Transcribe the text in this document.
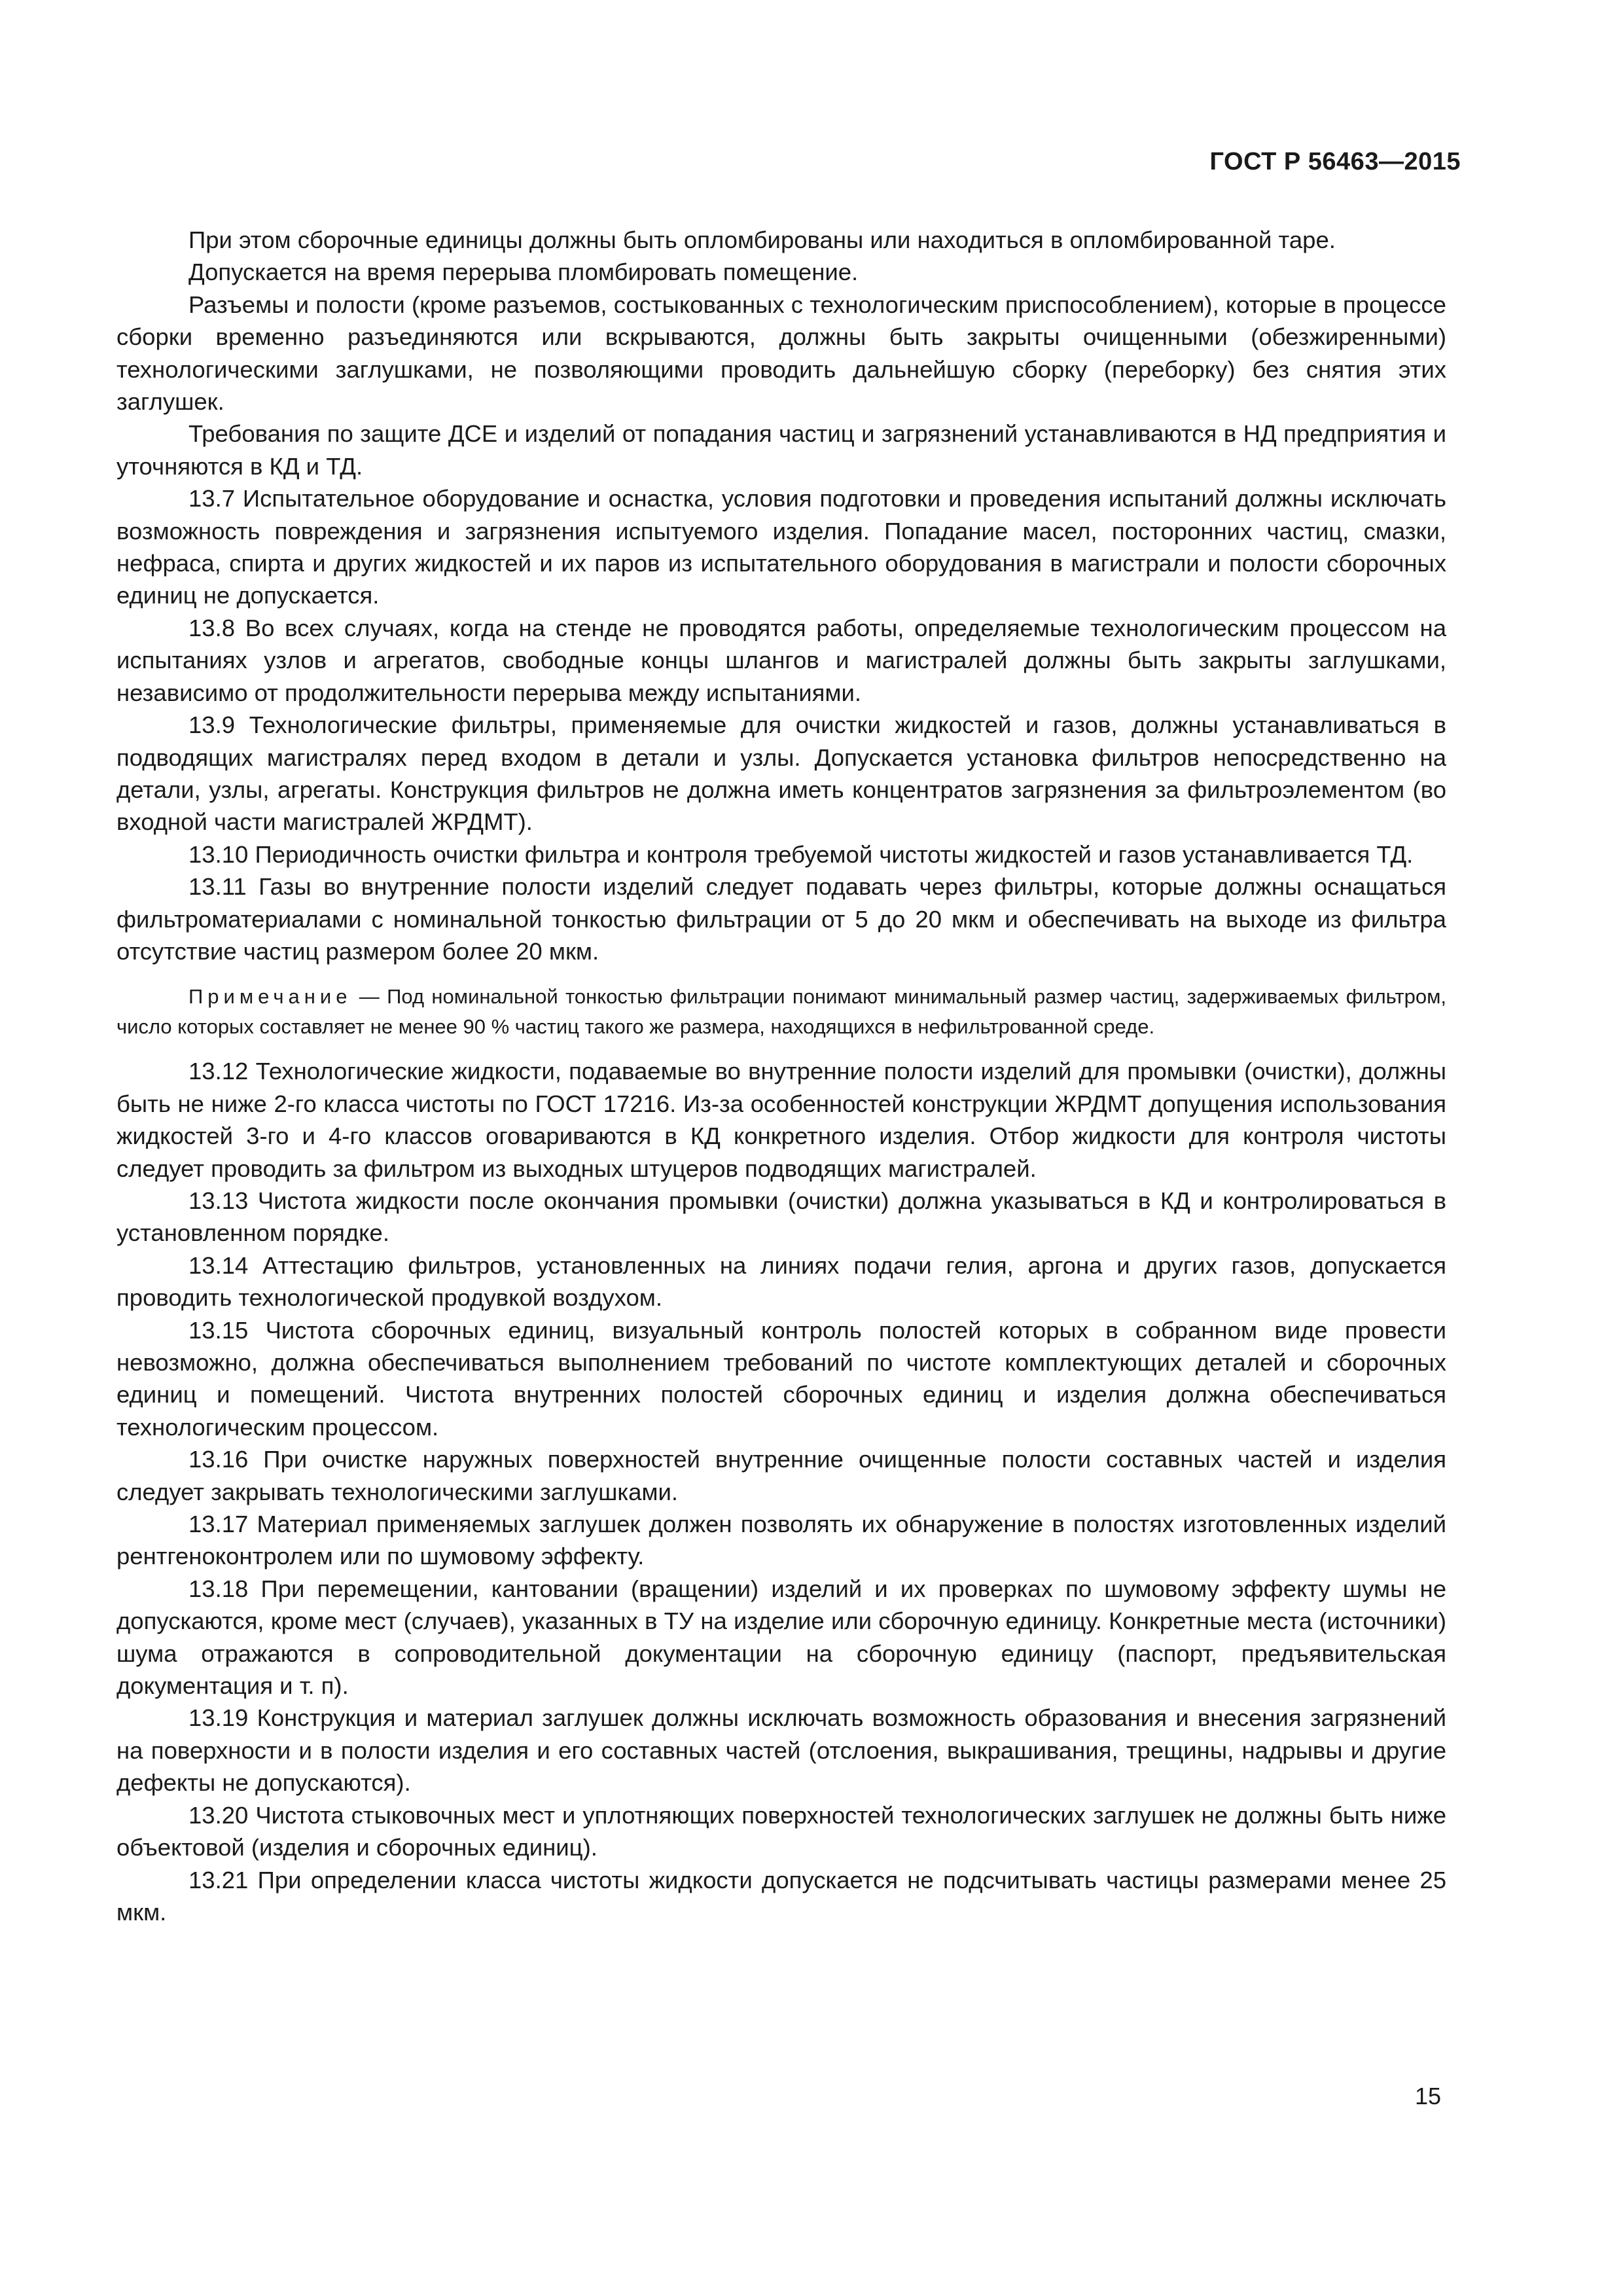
ГОСТ Р 56463—2015

При этом сборочные единицы должны быть опломбированы или находиться в опломбированной таре.

Допускается на время перерыва пломбировать помещение.

Разъемы и полости (кроме разъемов, состыкованных с технологическим приспособлением), которые в процессе сборки временно разъединяются или вскрываются, должны быть закрыты очищенными (обезжиренными) технологическими заглушками, не позволяющими проводить дальнейшую сборку (переборку) без снятия этих заглушек.

Требования по защите ДСЕ и изделий от попадания частиц и загрязнений устанавливаются в НД предприятия и уточняются в КД и ТД.

13.7 Испытательное оборудование и оснастка, условия подготовки и проведения испытаний должны исключать возможность повреждения и загрязнения испытуемого изделия. Попадание масел, посторонних частиц, смазки, нефраса, спирта и других жидкостей и их паров из испытательного оборудования в магистрали и полости сборочных единиц не допускается.

13.8 Во всех случаях, когда на стенде не проводятся работы, определяемые технологическим процессом на испытаниях узлов и агрегатов, свободные концы шлангов и магистралей должны быть закрыты заглушками, независимо от продолжительности перерыва между испытаниями.

13.9 Технологические фильтры, применяемые для очистки жидкостей и газов, должны устанавливаться в подводящих магистралях перед входом в детали и узлы. Допускается установка фильтров непосредственно на детали, узлы, агрегаты. Конструкция фильтров не должна иметь концентратов загрязнения за фильтроэлементом (во входной части магистралей ЖРДМТ).

13.10 Периодичность очистки фильтра и контроля требуемой чистоты жидкостей и газов устанавливается ТД.

13.11 Газы во внутренние полости изделий следует подавать через фильтры, которые должны оснащаться фильтроматериалами с номинальной тонкостью фильтрации от 5 до 20 мкм и обеспечивать на выходе из фильтра отсутствие частиц размером более 20 мкм.

Примечание — Под номинальной тонкостью фильтрации понимают минимальный размер частиц, задерживаемых фильтром, число которых составляет не менее 90 % частиц такого же размера, находящихся в нефильтрованной среде.

13.12 Технологические жидкости, подаваемые во внутренние полости изделий для промывки (очистки), должны быть не ниже 2-го класса чистоты по ГОСТ 17216. Из-за особенностей конструкции ЖРДМТ допущения использования жидкостей 3-го и 4-го классов оговариваются в КД конкретного изделия. Отбор жидкости для контроля чистоты следует проводить за фильтром из выходных штуцеров подводящих магистралей.

13.13 Чистота жидкости после окончания промывки (очистки) должна указываться в КД и контролироваться в установленном порядке.

13.14 Аттестацию фильтров, установленных на линиях подачи гелия, аргона и других газов, допускается проводить технологической продувкой воздухом.

13.15 Чистота сборочных единиц, визуальный контроль полостей которых в собранном виде провести невозможно, должна обеспечиваться выполнением требований по чистоте комплектующих деталей и сборочных единиц и помещений. Чистота внутренних полостей сборочных единиц и изделия должна обеспечиваться технологическим процессом.

13.16 При очистке наружных поверхностей внутренние очищенные полости составных частей и изделия следует закрывать технологическими заглушками.

13.17 Материал применяемых заглушек должен позволять их обнаружение в полостях изготовленных изделий рентгеноконтролем или по шумовому эффекту.

13.18 При перемещении, кантовании (вращении) изделий и их проверках по шумовому эффекту шумы не допускаются, кроме мест (случаев), указанных в ТУ на изделие или сборочную единицу. Конкретные места (источники) шума отражаются в сопроводительной документации на сборочную единицу (паспорт, предъявительская документация и т. п).

13.19 Конструкция и материал заглушек должны исключать возможность образования и внесения загрязнений на поверхности и в полости изделия и его составных частей (отслоения, выкрашивания, трещины, надрывы и другие дефекты не допускаются).

13.20 Чистота стыковочных мест и уплотняющих поверхностей технологических заглушек не должны быть ниже объектовой (изделия и сборочных единиц).

13.21 При определении класса чистоты жидкости допускается не подсчитывать частицы размерами менее 25 мкм.

15
